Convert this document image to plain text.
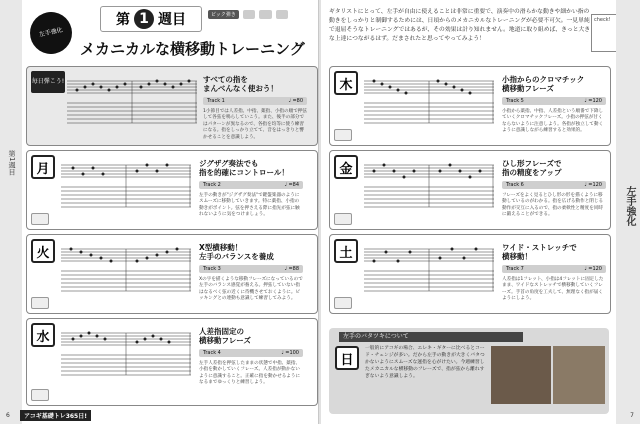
第1週目
左手強化
第 1 週目	ピック弾き

メカニカルな横移動トレーニング
毎日弾こう!	すべての指を
まんべんなく使おう！
Track 1	♩ =80
1小節目では人差指、中指、薬指、小指の順で押弦して各弦を鳴らしていこう。また、後半の部分ではパターンが異なるので、各指を均等に使う練習になる。指をしっかり立てて、音をはっきりと響かせることを意識しよう。
月	ジグザグ奏法でも
指を的確にコントロール！
Track 2	♩ =84
左手の動きが"ジグザグ奏法"で鍵盤楽器のようにスムーズに移動していきます。特に薬指、小指の動きがポイント。弦を押さえる際に指先が弦に触れないように気をつけましょう。
火	X型横移動！
左手のバランスを養成
Track 3	♩ =88
Xの字を描くような移動フレーズになっているので左手のバランス感覚が養える。押弦していない指はなるべく弦の近くに待機させておくように。ピッキングとの連動も意識して練習してみよう。
水	人差指固定の
横移動フレーズ
Track 4	♩ =100
左手人差指を押弦したままの状態で中指、薬指、小指を動かしていくフレーズ。人差指が動かないように意識すること。正確に指を動かせるようになるまでゆっくりと練習しよう。
アコギ基礎トレ365日!
6
ギタリストにとって、左手が自由に使えることは非常に重要で、演奏中の滑らかな動きや細かい指の動きをしっかりと制御するためには、日頃からのメカニカルなトレーニングが必要不可欠。一見単純で退屈そうなトレーニングではあるが、その効果は計り知れません。地道に取り組めば、きっと大きな上達につながるはず。だまされたと思ってやってみよう！
check!
左手強化
木	小指からのクロマチック
横移動フレーズ
Track 5	♩ =120
小指から薬指、中指、人差指という順番で下降していくクロマチックフレーズ。小指の押弦が甘くならないように注意しよう。各指が独立して動くように意識しながら練習すると効果的。
金	ひし形フレーズで
指の精度をアップ
Track 6	♩ =120
フレーズをよく見るとひし形の形を描くように移動しているのがわかる。指を広げる動作と閉じる動作が交互に入るので、指の柔軟性と精度を同時に鍛えることができる。
土	ワイド・ストレッチで
横移動！
Track 7	♩ =120
人差指は1フレット、小指は4フレットに固定したまま、ワイドなストレッチで横移動していくフレーズ。手首の角度を工夫して、無理なく指が届くようにしよう。
日
左手のバタツキについて
一般的にアコギの場合、エレキ・ギターに比べるとコード・チェンジが多い。だから左手の動きが大きくバタつかないようにスムーズな運指を心がけたい。今週練習したメカニカルな横移動のフレーズで、指が弦から離れすぎないよう意識しよう。
7
